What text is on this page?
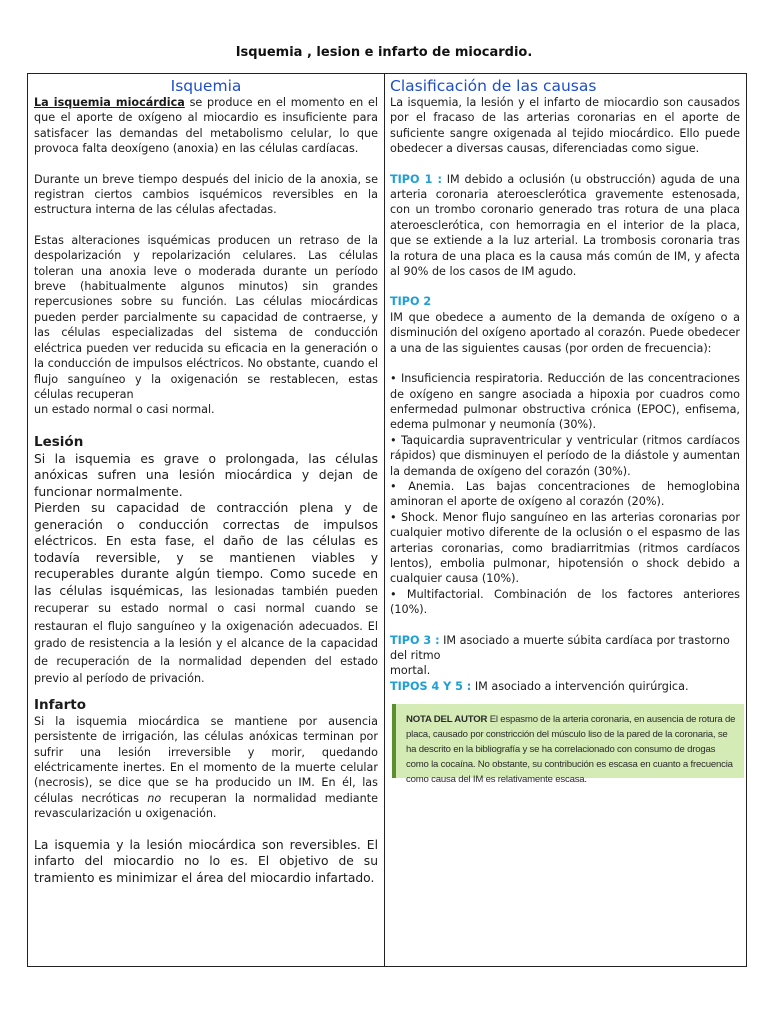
Isquemia , lesion e infarto de miocardio.
Isquemia

La isquemia miocárdica se produce en el momento en el que el aporte de oxígeno al miocardio es insuficiente para satisfacer las demandas del metabolismo celular, lo que provoca falta deoxígeno (anoxia) en las células cardíacas.

Durante un breve tiempo después del inicio de la anoxia, se registran ciertos cambios isquémicos reversibles en la estructura interna de las células afectadas.

Estas alteraciones isquémicas producen un retraso de la despolarización y repolarización celulares. Las células toleran una anoxia leve o moderada durante un período breve (habitualmente algunos minutos) sin grandes repercusiones sobre su función. Las células miocárdicas pueden perder parcialmente su capacidad de contraerse, y las células especializadas del sistema de conducción eléctrica pueden ver reducida su eficacia en la generación o la conducción de impulsos eléctricos. No obstante, cuando el flujo sanguíneo y la oxigenación se restablecen, estas células recuperan

un estado normal o casi normal.

Lesión

Si la isquemia es grave o prolongada, las células anóxicas sufren una lesión miocárdica y dejan de funcionar normalmente.

Pierden su capacidad de contracción plena y de generación o conducción correctas de impulsos eléctricos. En esta fase, el daño de las células es todavía reversible, y se mantienen viables y recuperables durante algún tiempo. Como sucede en las células isquémicas, las lesionadas también pueden recuperar su estado normal o casi normal cuando se restauran el flujo sanguíneo y la oxigenación adecuados. El grado de resistencia a la lesión y el alcance de la capacidad de recuperación de la normalidad dependen del estado previo al período de privación.

Infarto

Si la isquemia miocárdica se mantiene por ausencia persistente de irrigación, las células anóxicas terminan por sufrir una lesión irreversible y morir, quedando eléctricamente inertes. En el momento de la muerte celular (necrosis), se dice que se ha producido un IM. En él, las células necróticas no recuperan la normalidad mediante revascularización u oxigenación.

La isquemia y la lesión miocárdica son reversibles. El infarto del miocardio no lo es. El objetivo de su tramiento es minimizar el área del miocardio infartado.

Clasificación de las causas

La isquemia, la lesión y el infarto de miocardio son causados por el fracaso de las arterias coronarias en el aporte de suficiente sangre oxigenada al tejido miocárdico. Ello puede obedecer a diversas causas, diferenciadas como sigue.

TIPO 1 : IM debido a oclusión (u obstrucción) aguda de una arteria coronaria ateroesclerótica gravemente estenosada, con un trombo coronario generado tras rotura de una placa ateroesclerótica, con hemorragia en el interior de la placa, que se extiende a la luz arterial. La trombosis coronaria tras la rotura de una placa es la causa más común de IM, y afecta al 90% de los casos de IM agudo.

TIPO 2

IM que obedece a aumento de la demanda de oxígeno o a disminución del oxígeno aportado al corazón. Puede obedecer a una de las siguientes causas (por orden de frecuencia):

• Insuficiencia respiratoria. Reducción de las concentraciones de oxígeno en sangre asociada a hipoxia por cuadros como enfermedad pulmonar obstructiva crónica (EPOC), enfisema, edema pulmonar y neumonía (30%).

• Taquicardia supraventricular y ventricular (ritmos cardíacos rápidos) que disminuyen el período de la diástole y aumentan la demanda de oxígeno del corazón (30%).

• Anemia. Las bajas concentraciones de hemoglobina aminoran el aporte de oxígeno al corazón (20%).

• Shock. Menor flujo sanguíneo en las arterias coronarias por cualquier motivo diferente de la oclusión o el espasmo de las arterias coronarias, como bradiarritmias (ritmos cardíacos lentos), embolia pulmonar, hipotensión o shock debido a cualquier causa (10%).

• Multifactorial. Combinación de los factores anteriores (10%).

TIPO 3 : IM asociado a muerte súbita cardíaca por trastorno del ritmo

mortal.

TIPOS 4 Y 5 : IM asociado a intervención quirúrgica.

NOTA DEL AUTOR El espasmo de la arteria coronaria, en ausencia de rotura de placa, causado por constricción del músculo liso de la pared de la coronaria, se ha descrito en la bibliografía y se ha correlacionado con consumo de drogas como la cocaína. No obstante, su contribución es escasa en cuanto a frecuencia como causa del IM es relativamente escasa.
